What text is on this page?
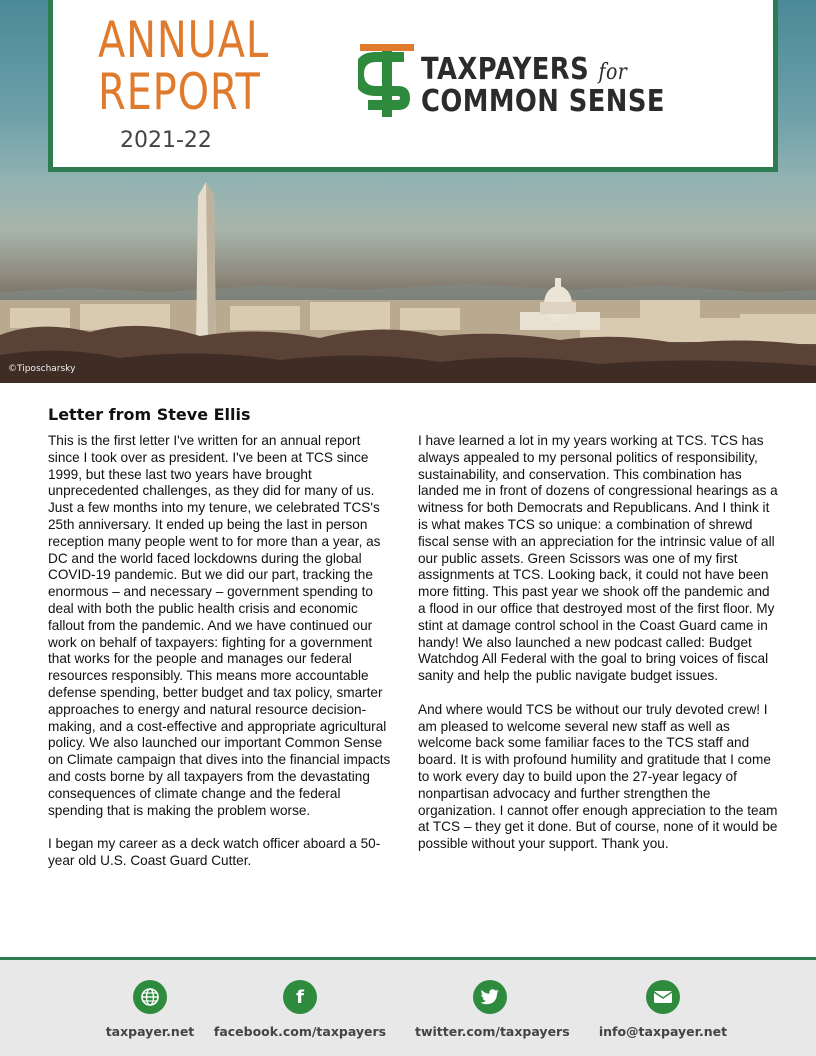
©Tiposcharsky
ANNUAL
REPORT
2021-22
TAXPAYERS for
COMMON SENSE
Letter from Steve Ellis

This is the first letter I've written for an annual report since I took over as president. I've been at TCS since 1999, but these last two years have brought unprecedented challenges, as they did for many of us. Just a few months into my tenure, we celebrated TCS's 25th anniversary. It ended up being the last in person reception many people went to for more than a year, as DC and the world faced lockdowns during the global COVID-19 pandemic. But we did our part, tracking the enormous – and necessary – government spending to deal with both the public health crisis and economic fallout from the pandemic. And we have continued our work on behalf of taxpayers: fighting for a government that works for the people and manages our federal resources responsibly. This means more accountable defense spending, better budget and tax policy, smarter approaches to energy and natural resource decision-making, and a cost-effective and appropriate agricultural policy. We also launched our important Common Sense on Climate campaign that dives into the financial impacts and costs borne by all taxpayers from the devastating consequences of climate change and the federal spending that is making the problem worse.

I began my career as a deck watch officer aboard a 50-year old U.S. Coast Guard Cutter.

I have learned a lot in my years working at TCS. TCS has always appealed to my personal politics of responsibility, sustainability, and conservation. This combination has landed me in front of dozens of congressional hearings as a witness for both Democrats and Republicans. And I think it is what makes TCS so unique: a combination of shrewd fiscal sense with an appreciation for the intrinsic value of all our public assets. Green Scissors was one of my first assignments at TCS. Looking back, it could not have been more fitting. This past year we shook off the pandemic and a flood in our office that destroyed most of the first floor. My stint at damage control school in the Coast Guard came in handy! We also launched a new podcast called: Budget Watchdog All Federal with the goal to bring voices of fiscal sanity and help the public navigate budget issues.

And where would TCS be without our truly devoted crew! I am pleased to welcome several new staff as well as welcome back some familiar faces to the TCS staff and board. It is with profound humility and gratitude that I come to work every day to build upon the 27-year legacy of nonpartisan advocacy and further strengthen the organization. I cannot offer enough appreciation to the team at TCS – they get it done. But of course, none of it would be possible without your support. Thank you.

taxpayer.net
f
facebook.com/taxpayers twitter.com/taxpayers info@taxpayer.net
